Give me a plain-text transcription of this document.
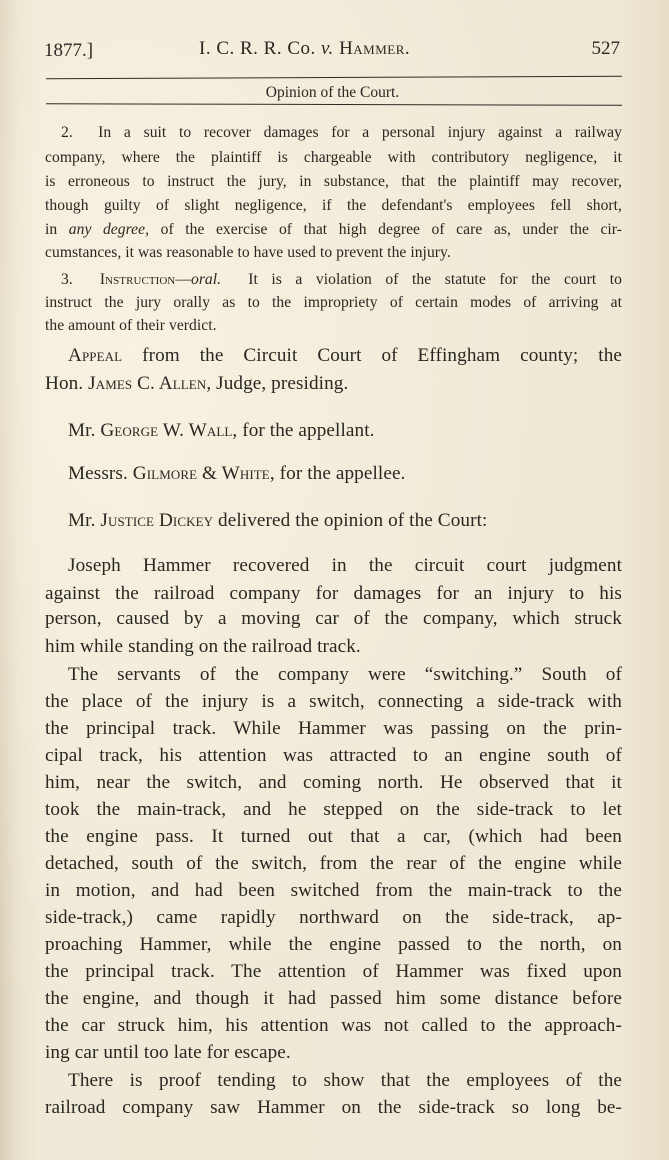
1877.]	I. C. R. R. Co. v. Hammer.	527
Opinion of the Court.
2. In a suit to recover damages for a personal injury against a railway
company, where the plaintiff is chargeable with contributory negligence, it
is erroneous to instruct the jury, in substance, that the plaintiff may recover,
though guilty of slight negligence, if the defendant's employees fell short,
in any degree, of the exercise of that high degree of care as, under the cir-
cumstances, it was reasonable to have used to prevent the injury.
3. Instruction—oral. It is a violation of the statute for the court to
instruct the jury orally as to the impropriety of certain modes of arriving at
the amount of their verdict.
Appeal from the Circuit Court of Effingham county; the
Hon. James C. Allen, Judge, presiding.
Mr. George W. Wall, for the appellant.
Messrs. Gilmore & White, for the appellee.
Mr. Justice Dickey delivered the opinion of the Court:
Joseph Hammer recovered in the circuit court judgment
against the railroad company for damages for an injury to his
person, caused by a moving car of the company, which struck
him while standing on the railroad track.
The servants of the company were “switching.” South of
the place of the injury is a switch, connecting a side-track with
the principal track. While Hammer was passing on the prin-
cipal track, his attention was attracted to an engine south of
him, near the switch, and coming north. He observed that it
took the main-track, and he stepped on the side-track to let
the engine pass. It turned out that a car, (which had been
detached, south of the switch, from the rear of the engine while
in motion, and had been switched from the main-track to the
side-track,) came rapidly northward on the side-track, ap-
proaching Hammer, while the engine passed to the north, on
the principal track. The attention of Hammer was fixed upon
the engine, and though it had passed him some distance before
the car struck him, his attention was not called to the approach-
ing car until too late for escape.
There is proof tending to show that the employees of the
railroad company saw Hammer on the side-track so long be-
